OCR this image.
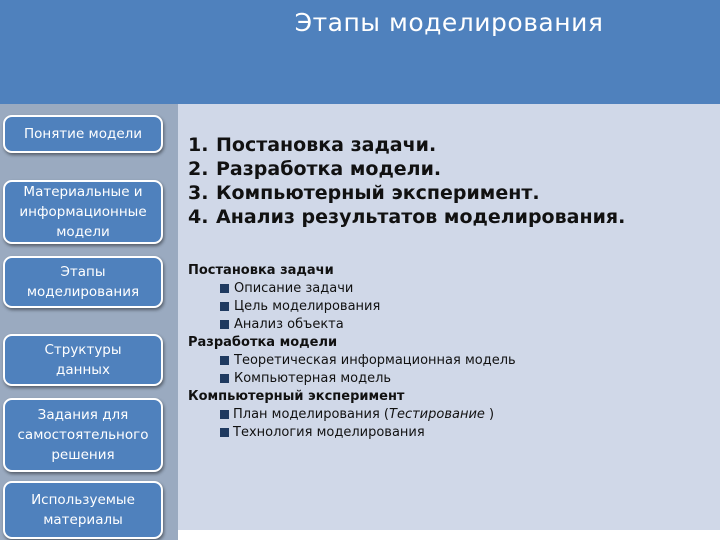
Этапы моделирования
Понятие модели
Материальные и
информационные
модели
Этапы
моделирования
Структуры
данных
Задания для
самостоятельного
решения
Используемые
материалы
1. Постановка задачи.
2. Разработка модели.
3. Компьютерный эксперимент.
4. Анализ результатов моделирования.
Постановка задачи
Описание задачи
Цель моделирования
Анализ объекта
Разработка модели
Теоретическая информационная модель
Компьютерная модель
Компьютерный эксперимент
План моделирования (Тестирование )
Технология моделирования
